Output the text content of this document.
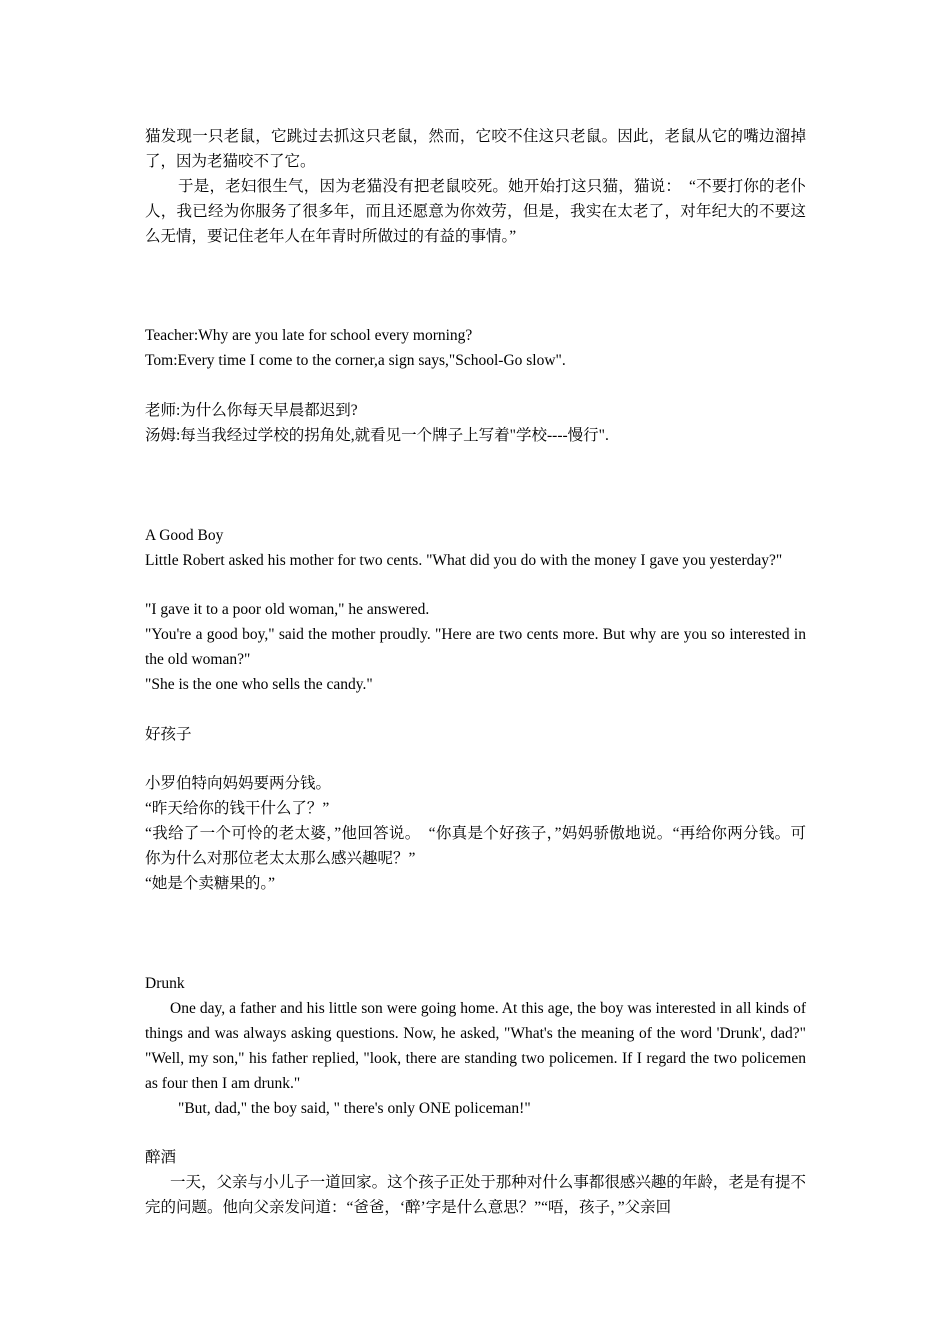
猫发现一只老鼠，它跳过去抓这只老鼠，然而，它咬不住这只老鼠。因此，老鼠从它的嘴边溜掉了，因为老猫咬不了它。

于是，老妇很生气，因为老猫没有把老鼠咬死。她开始打这只猫，猫说：　“不要打你的老仆人，我已经为你服务了很多年，而且还愿意为你效劳，但是，我实在太老了，对年纪大的不要这么无情，要记住老年人在年青时所做过的有益的事情。”

Teacher:Why are you late for school every morning?

Tom:Every time I come to the corner,a sign says,"School-Go slow".

老师:为什么你每天早晨都迟到?

汤姆:每当我经过学校的拐角处,就看见一个牌子上写着"学校----慢行".

A Good Boy

Little Robert asked his mother for two cents. "What did you do with the money I gave you yesterday?"

"I gave it to a poor old woman," he answered.

"You're a good boy," said the mother proudly. "Here are two cents more. But why are you so interested in the old woman?"

"She is the one who sells the candy."

好孩子

小罗伯特向妈妈要两分钱。

“昨天给你的钱干什么了？”

“我给了一个可怜的老太婆，”他回答说。　“你真是个好孩子，”妈妈骄傲地说。“再给你两分钱。可你为什么对那位老太太那么感兴趣呢？”

“她是个卖糖果的。”

Drunk

One day, a father and his little son were going home. At this age, the boy was interested in all kinds of things and was always asking questions. Now, he asked, "What's the meaning of the word 'Drunk', dad?" "Well, my son," his father replied, "look, there are standing two policemen. If I regard the two policemen as four then I am drunk."

"But, dad," the boy said, " there's only ONE policeman!"

醉酒

一天，父亲与小儿子一道回家。这个孩子正处于那种对什么事都很感兴趣的年龄，老是有提不完的问题。他向父亲发问道：“爸爸，‘醉’字是什么意思？”“唔，孩子，”父亲回
